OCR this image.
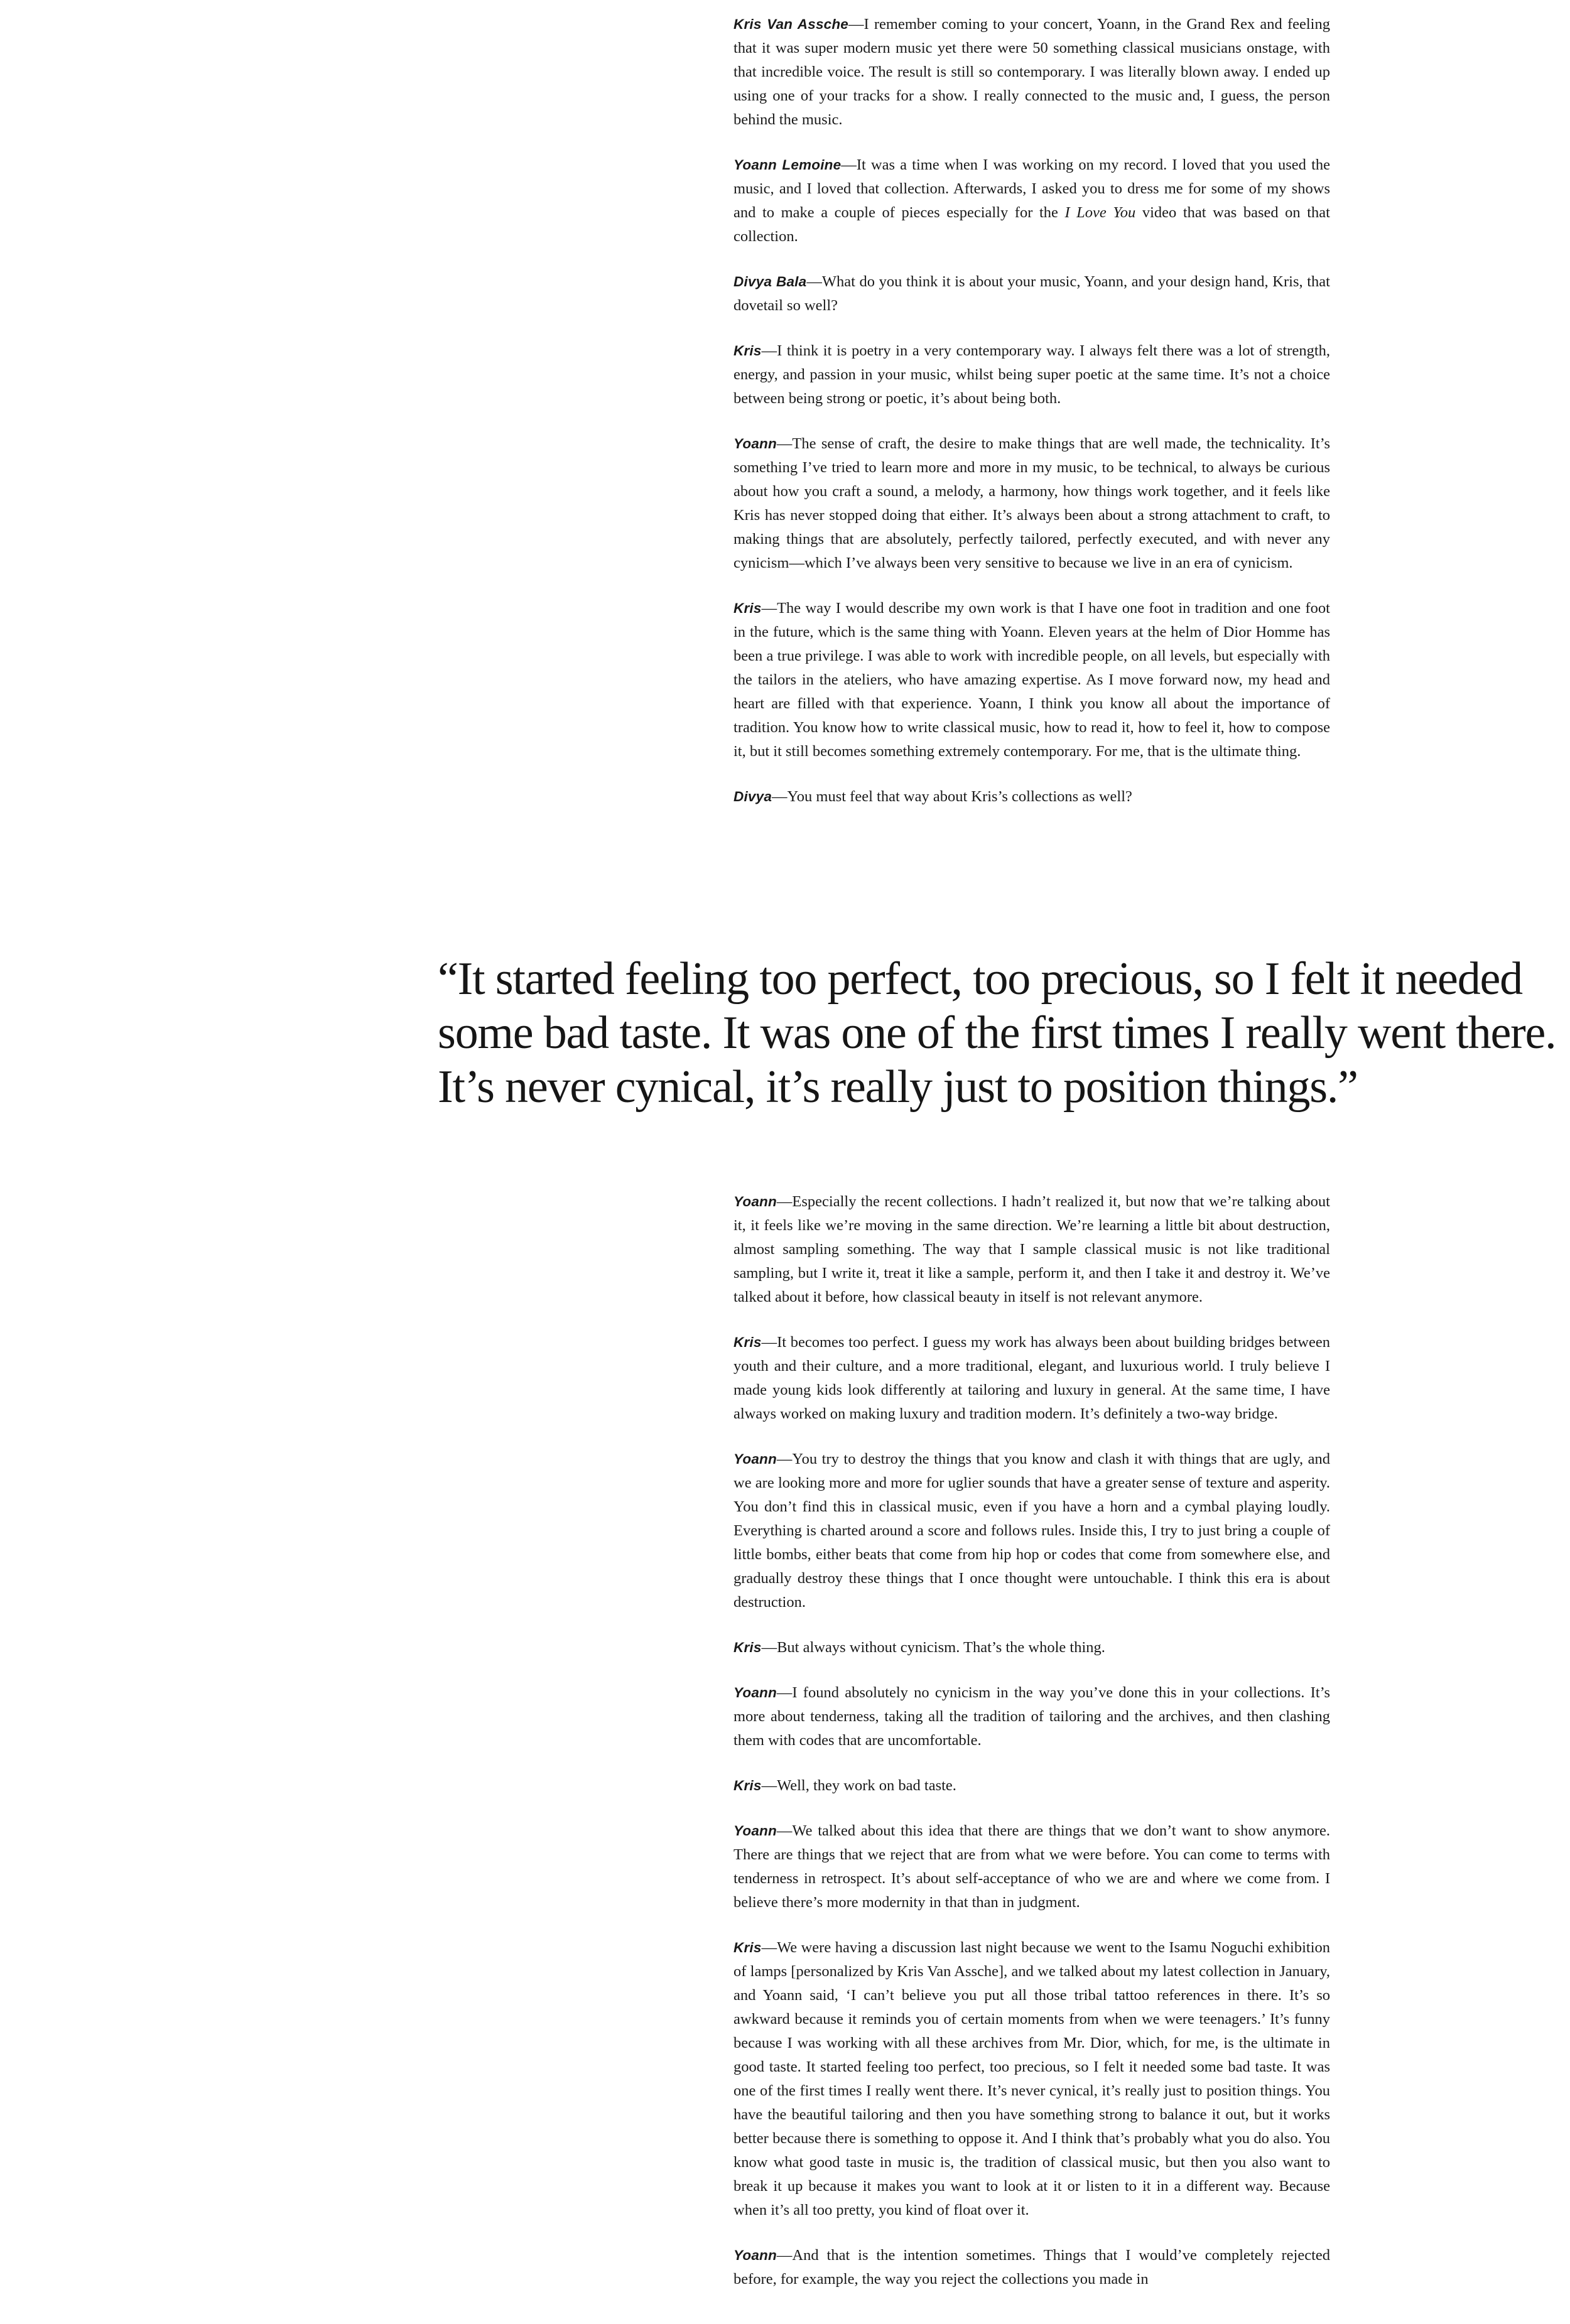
Kris Van Assche—I remember coming to your concert, Yoann, in the Grand Rex and feeling that it was super modern music yet there were 50 something classical musicians onstage, with that incredible voice. The result is still so contemporary. I was literally blown away. I ended up using one of your tracks for a show. I really connected to the music and, I guess, the person behind the music.

Yoann Lemoine—It was a time when I was working on my record. I loved that you used the music, and I loved that collection. Afterwards, I asked you to dress me for some of my shows and to make a couple of pieces especially for the I Love You video that was based on that collection.

Divya Bala—What do you think it is about your music, Yoann, and your design hand, Kris, that dovetail so well?

Kris—I think it is poetry in a very contemporary way. I always felt there was a lot of strength, energy, and passion in your music, whilst being super poetic at the same time. It’s not a choice between being strong or poetic, it’s about being both.

Yoann—The sense of craft, the desire to make things that are well made, the technicality. It’s something I’ve tried to learn more and more in my music, to be technical, to always be curious about how you craft a sound, a melody, a harmony, how things work together, and it feels like Kris has never stopped doing that either. It’s always been about a strong attachment to craft, to making things that are absolutely, perfectly tailored, perfectly executed, and with never any cynicism—which I’ve always been very sensitive to because we live in an era of cynicism.

Kris—The way I would describe my own work is that I have one foot in tradition and one foot in the future, which is the same thing with Yoann. Eleven years at the helm of Dior Homme has been a true privilege. I was able to work with incredible people, on all levels, but especially with the tailors in the ateliers, who have amazing expertise. As I move forward now, my head and heart are filled with that experience. Yoann, I think you know all about the importance of tradition. You know how to write classical music, how to read it, how to feel it, how to compose it, but it still becomes something extremely contemporary. For me, that is the ultimate thing.

Divya—You must feel that way about Kris’s collections as well?

“It started feeling too perfect, too precious, so I felt it needed
some bad taste. It was one of the first times I really went there.
It’s never cynical, it’s really just to position things.”

Yoann—Especially the recent collections. I hadn’t realized it, but now that we’re talking about it, it feels like we’re moving in the same direction. We’re learning a little bit about destruction, almost sampling something. The way that I sample classical music is not like traditional sampling, but I write it, treat it like a sample, perform it, and then I take it and destroy it. We’ve talked about it before, how classical beauty in itself is not relevant anymore.

Kris—It becomes too perfect. I guess my work has always been about building bridges between youth and their culture, and a more traditional, elegant, and luxurious world. I truly believe I made young kids look differently at tailoring and luxury in general. At the same time, I have always worked on making luxury and tradition modern. It’s definitely a two-way bridge.

Yoann—You try to destroy the things that you know and clash it with things that are ugly, and we are looking more and more for uglier sounds that have a greater sense of texture and asperity. You don’t find this in classical music, even if you have a horn and a cymbal playing loudly. Everything is charted around a score and follows rules. Inside this, I try to just bring a couple of little bombs, either beats that come from hip hop or codes that come from somewhere else, and gradually destroy these things that I once thought were untouchable. I think this era is about destruction.

Kris—But always without cynicism. That’s the whole thing.

Yoann—I found absolutely no cynicism in the way you’ve done this in your collections. It’s more about tenderness, taking all the tradition of tailoring and the archives, and then clashing them with codes that are uncomfortable.

Kris—Well, they work on bad taste.

Yoann—We talked about this idea that there are things that we don’t want to show anymore. There are things that we reject that are from what we were before. You can come to terms with tenderness in retrospect. It’s about self-acceptance of who we are and where we come from. I believe there’s more modernity in that than in judgment.

Kris—We were having a discussion last night because we went to the Isamu Noguchi exhibition of lamps [personalized by Kris Van Assche], and we talked about my latest collection in January, and Yoann said, ‘I can’t believe you put all those tribal tattoo references in there. It’s so awkward because it reminds you of certain moments from when we were teenagers.’ It’s funny because I was working with all these archives from Mr. Dior, which, for me, is the ultimate in good taste. It started feeling too perfect, too precious, so I felt it needed some bad taste. It was one of the first times I really went there. It’s never cynical, it’s really just to position things. You have the beautiful tailoring and then you have something strong to balance it out, but it works better because there is something to oppose it. And I think that’s probably what you do also. You know what good taste in music is, the tradition of classical music, but then you also want to break it up because it makes you want to look at it or listen to it in a different way. Because when it’s all too pretty, you kind of float over it.

Yoann—And that is the intention sometimes. Things that I would’ve completely rejected before, for example, the way you reject the collections you made in
